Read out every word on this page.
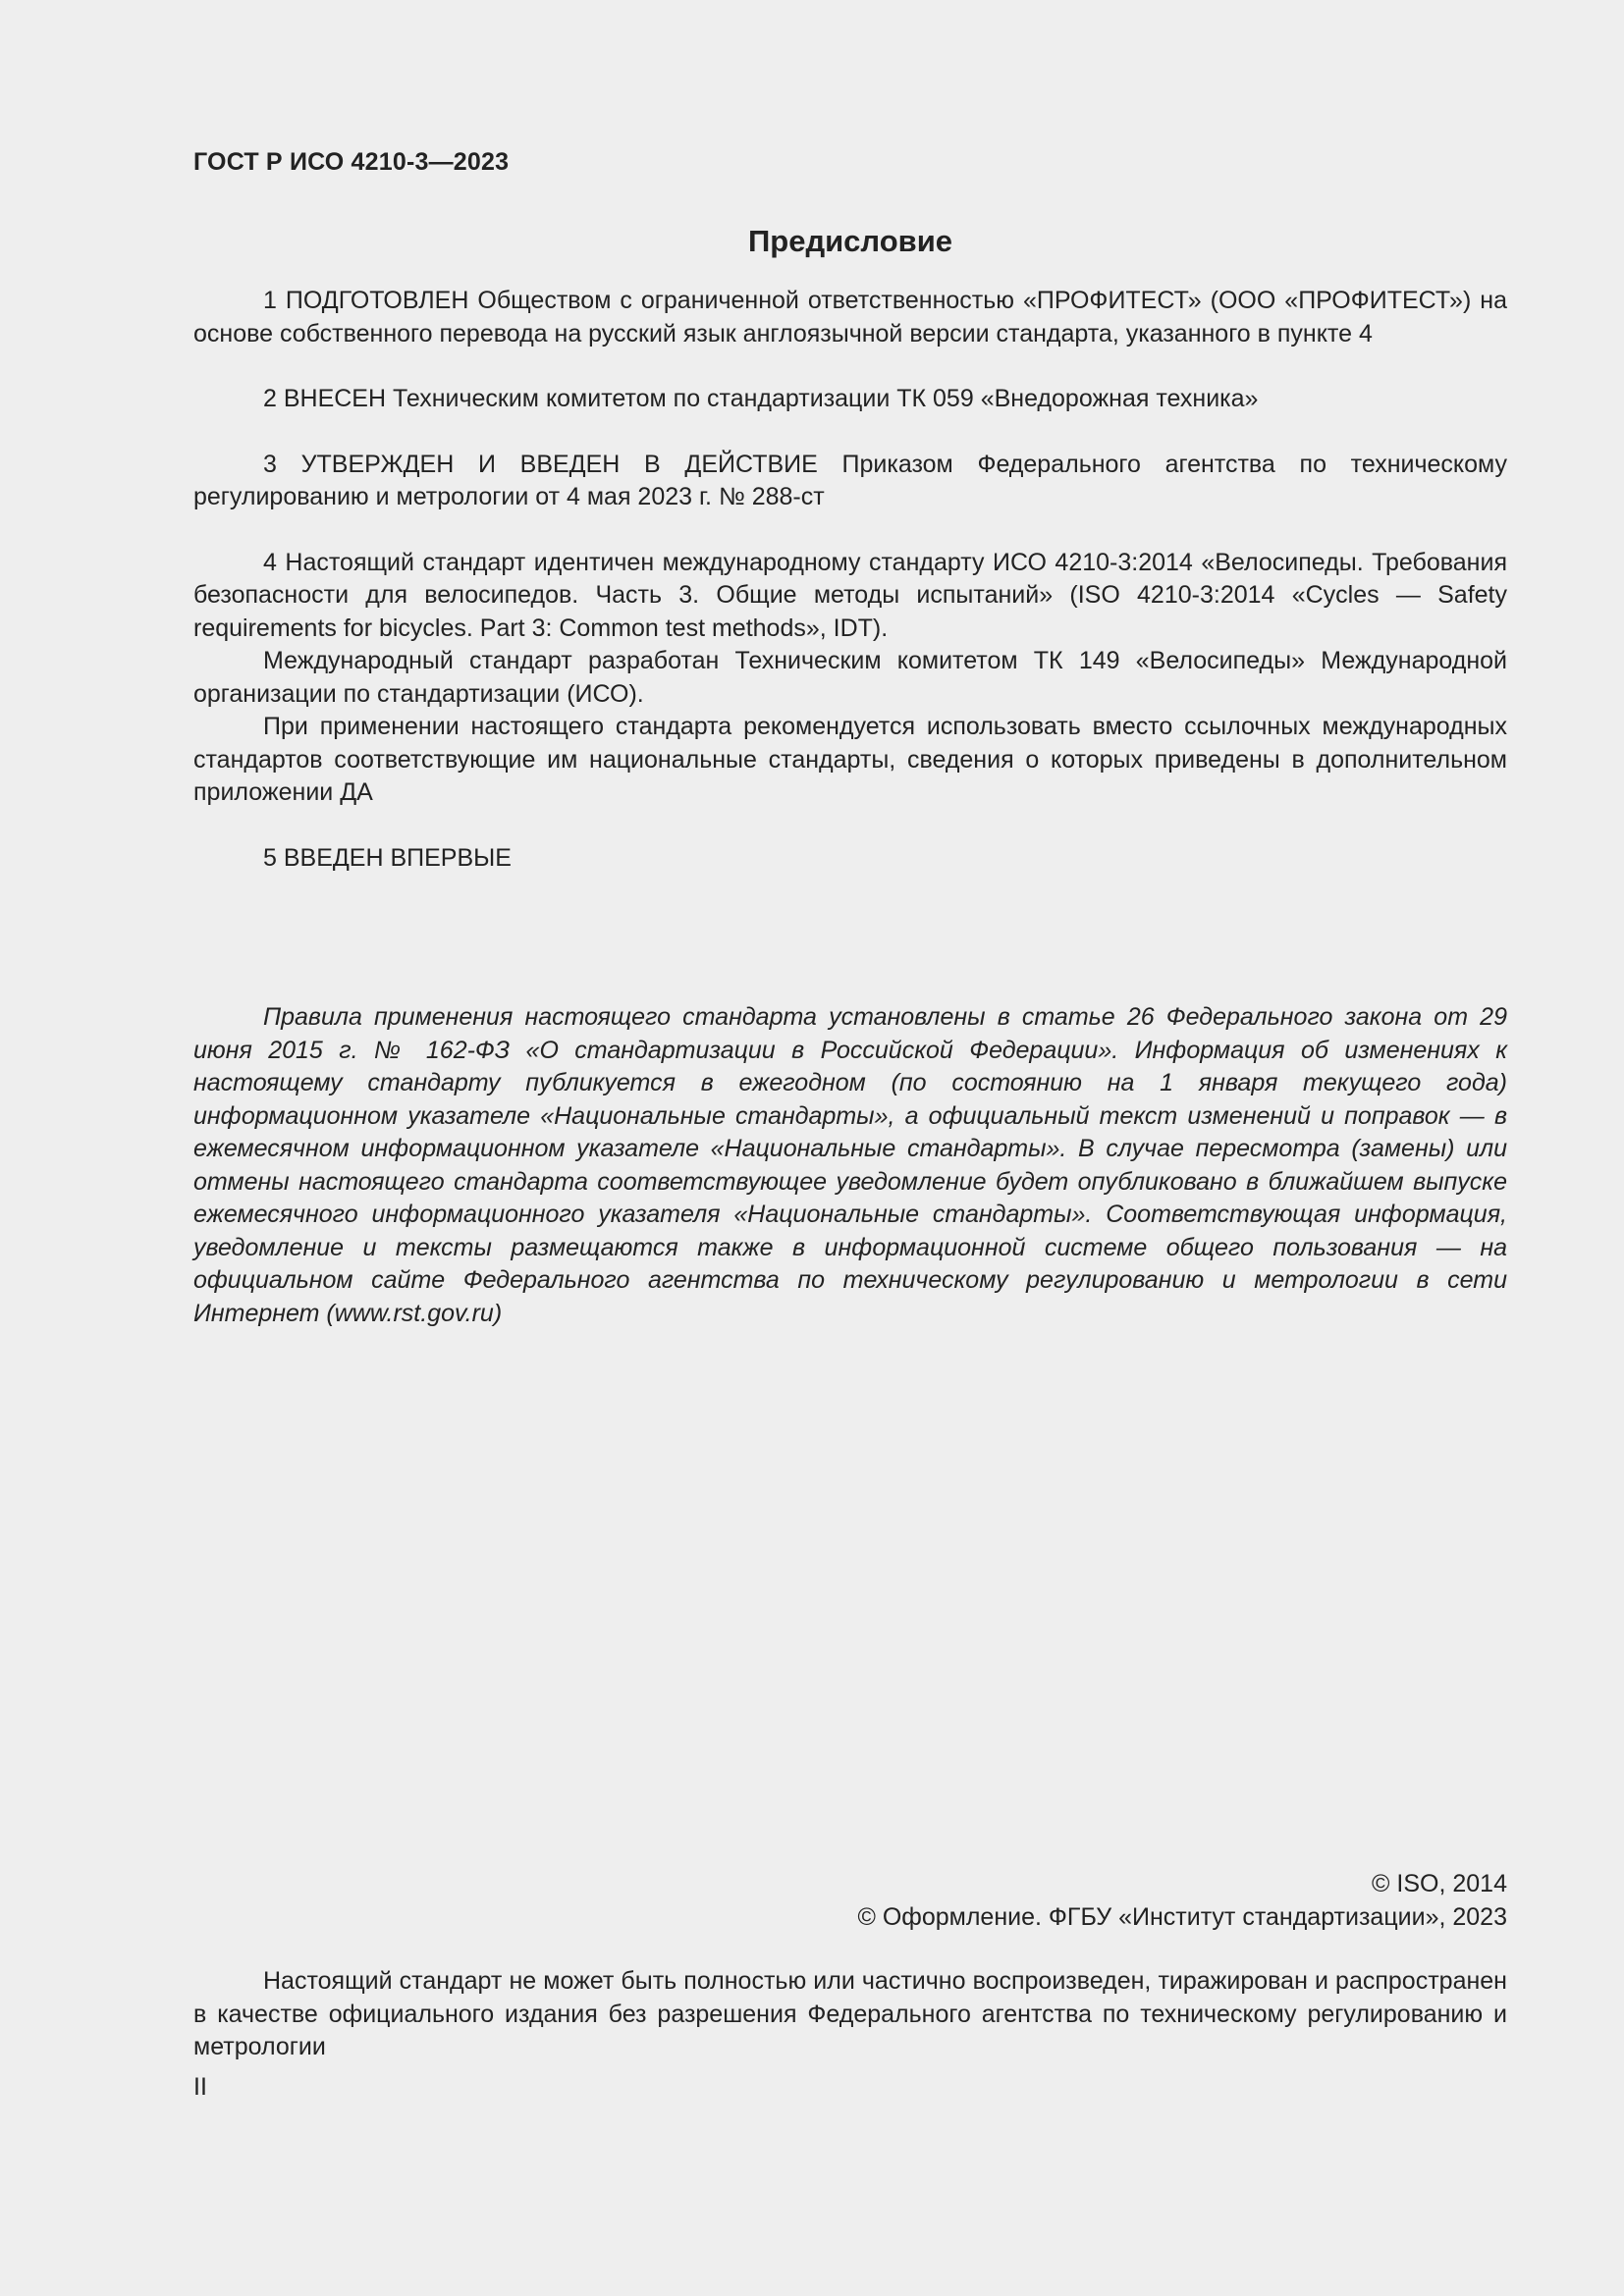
ГОСТ Р ИСО 4210-3—2023
Предисловие

1 ПОДГОТОВЛЕН Обществом с ограниченной ответственностью «ПРОФИТЕСТ» (ООО «ПРОФИТЕСТ») на основе собственного перевода на русский язык англоязычной версии стандарта, указанного в пункте 4

2 ВНЕСЕН Техническим комитетом по стандартизации ТК 059 «Внедорожная техника»

3 УТВЕРЖДЕН И ВВЕДЕН В ДЕЙСТВИЕ Приказом Федерального агентства по техническому регулированию и метрологии от 4 мая 2023 г. № 288-ст

4 Настоящий стандарт идентичен международному стандарту ИСО 4210-3:2014 «Велосипеды. Требования безопасности для велосипедов. Часть 3. Общие методы испытаний» (ISO 4210-3:2014 «Cycles — Safety requirements for bicycles. Part 3: Common test methods», IDT).

Международный стандарт разработан Техническим комитетом ТК 149 «Велосипеды» Международной организации по стандартизации (ИСО).

При применении настоящего стандарта рекомендуется использовать вместо ссылочных международных стандартов соответствующие им национальные стандарты, сведения о которых приведены в дополнительном приложении ДА

5 ВВЕДЕН ВПЕРВЫЕ

Правила применения настоящего стандарта установлены в статье 26 Федерального закона от 29 июня 2015 г. № 162-ФЗ «О стандартизации в Российской Федерации». Информация об изменениях к настоящему стандарту публикуется в ежегодном (по состоянию на 1 января текущего года) информационном указателе «Национальные стандарты», а официальный текст изменений и поправок — в ежемесячном информационном указателе «Национальные стандарты». В случае пересмотра (замены) или отмены настоящего стандарта соответствующее уведомление будет опубликовано в ближайшем выпуске ежемесячного информационного указателя «Национальные стандарты». Соответствующая информация, уведомление и тексты размещаются также в информационной системе общего пользования — на официальном сайте Федерального агентства по техническому регулированию и метрологии в сети Интернет (www.rst.gov.ru)

© ISO, 2014
© Оформление. ФГБУ «Институт стандартизации», 2023

Настоящий стандарт не может быть полностью или частично воспроизведен, тиражирован и распространен в качестве официального издания без разрешения Федерального агентства по техническому регулированию и метрологии

II
